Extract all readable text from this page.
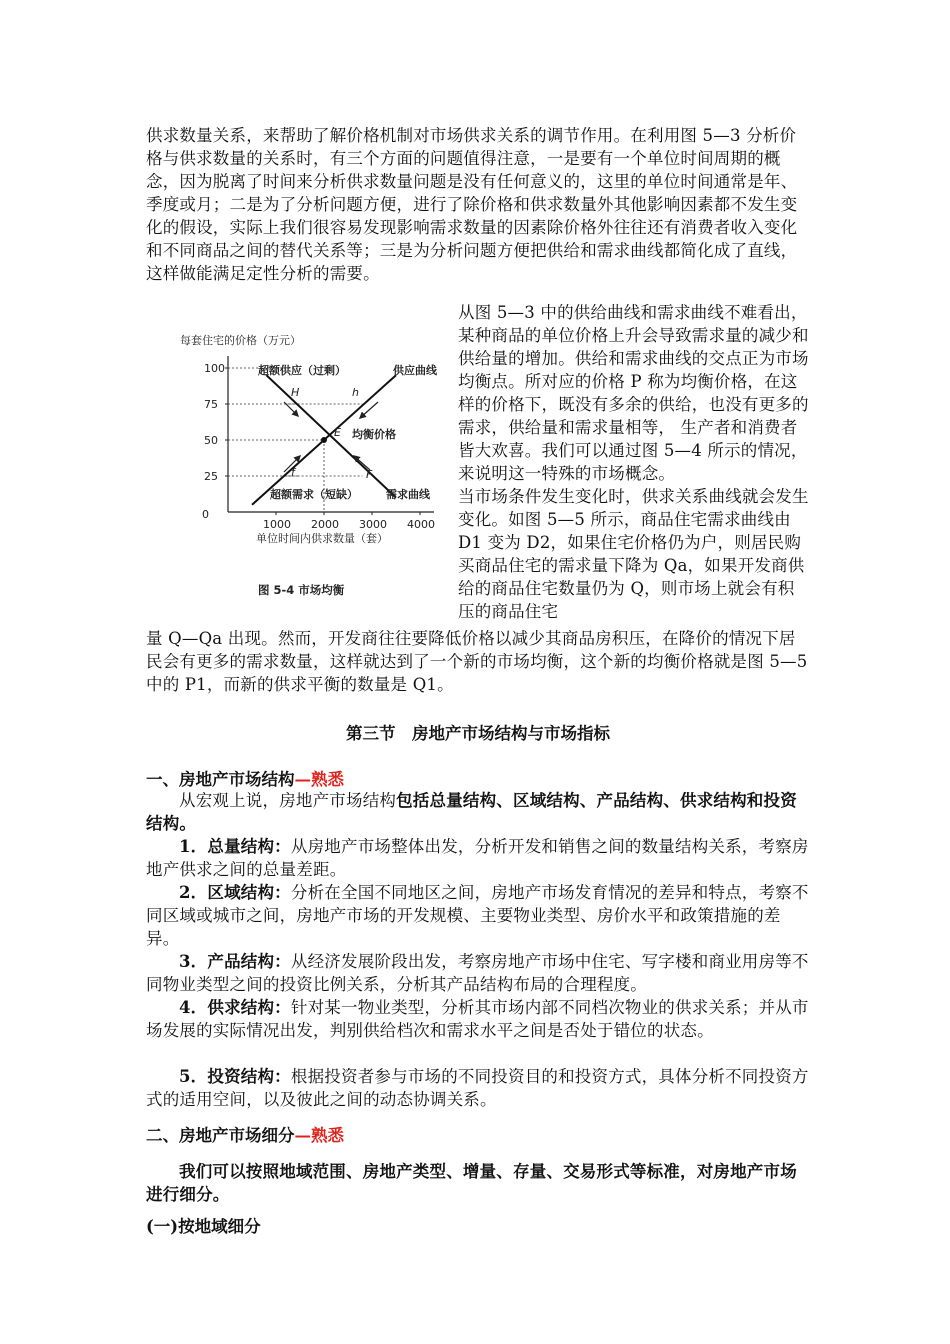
供求数量关系，来帮助了解价格机制对市场供求关系的调节作用。在利用图 5—3 分析价格与供求数量的关系时，有三个方面的问题值得注意，一是要有一个单位时间周期的概念，因为脱离了时间来分析供求数量问题是没有任何意义的，这里的单位时间通常是年、季度或月；二是为了分析问题方便，进行了除价格和供求数量外其他影响因素都不发生变化的假设，实际上我们很容易发现影响需求数量的因素除价格外往往还有消费者收入变化和不同商品之间的替代关系等；三是为分析问题方便把供给和需求曲线都简化成了直线，这样做能满足定性分析的需要。

每套住宅的价格（万元）
25
50
75
100
1000 2000 3000 4000
超额供应（过剩）	供应曲线
均衡价格
超额需求（短缺）	需求曲线
H	h
E
f	F
0
单位时间内供求数量（套）
图 5-4 市场均衡

从图 5—3 中的供给曲线和需求曲线不难看出，某种商品的单位价格上升会导致需求量的减少和供给量的增加。供给和需求曲线的交点正为市场均衡点。所对应的价格 P 称为均衡价格，在这样的价格下，既没有多余的供给，也没有更多的需求，供给量和需求量相等， 生产者和消费者皆大欢喜。我们可以通过图 5—4 所示的情况，来说明这一特殊的市场概念。

当市场条件发生变化时，供求关系曲线就会发生变化。如图 5—5 所示，商品住宅需求曲线由 D1 变为 D2，如果住宅价格仍为户，则居民购买商品住宅的需求量下降为 Qa，如果开发商供给的商品住宅数量仍为 Q，则市场上就会有积压的商品住宅

量 Q—Qa 出现。然而，开发商往往要降低价格以减少其商品房积压，在降价的情况下居民会有更多的需求数量，这样就达到了一个新的市场均衡，这个新的均衡价格就是图 5—5 中的 P1，而新的供求平衡的数量是 Q1。

第三节　房地产市场结构与市场指标
一、房地产市场结构—熟悉
从宏观上说，房地产市场结构包括总量结构、区域结构、产品结构、供求结构和投资结构。
1．总量结构：从房地产市场整体出发，分析开发和销售之间的数量结构关系，考察房地产供求之间的总量差距。
2．区域结构：分析在全国不同地区之间，房地产市场发育情况的差异和特点，考察不同区域或城市之间，房地产市场的开发规模、主要物业类型、房价水平和政策措施的差异。
3．产品结构：从经济发展阶段出发，考察房地产市场中住宅、写字楼和商业用房等不同物业类型之间的投资比例关系，分析其产品结构布局的合理程度。
4．供求结构：针对某一物业类型，分析其市场内部不同档次物业的供求关系；并从市场发展的实际情况出发，判别供给档次和需求水平之间是否处于错位的状态。
5．投资结构：根据投资者参与市场的不同投资目的和投资方式，具体分析不同投资方式的适用空间，以及彼此之间的动态协调关系。
二、房地产市场细分—熟悉
我们可以按照地域范围、房地产类型、增量、存量、交易形式等标准，对房地产市场进行细分。
(一)按地域细分
